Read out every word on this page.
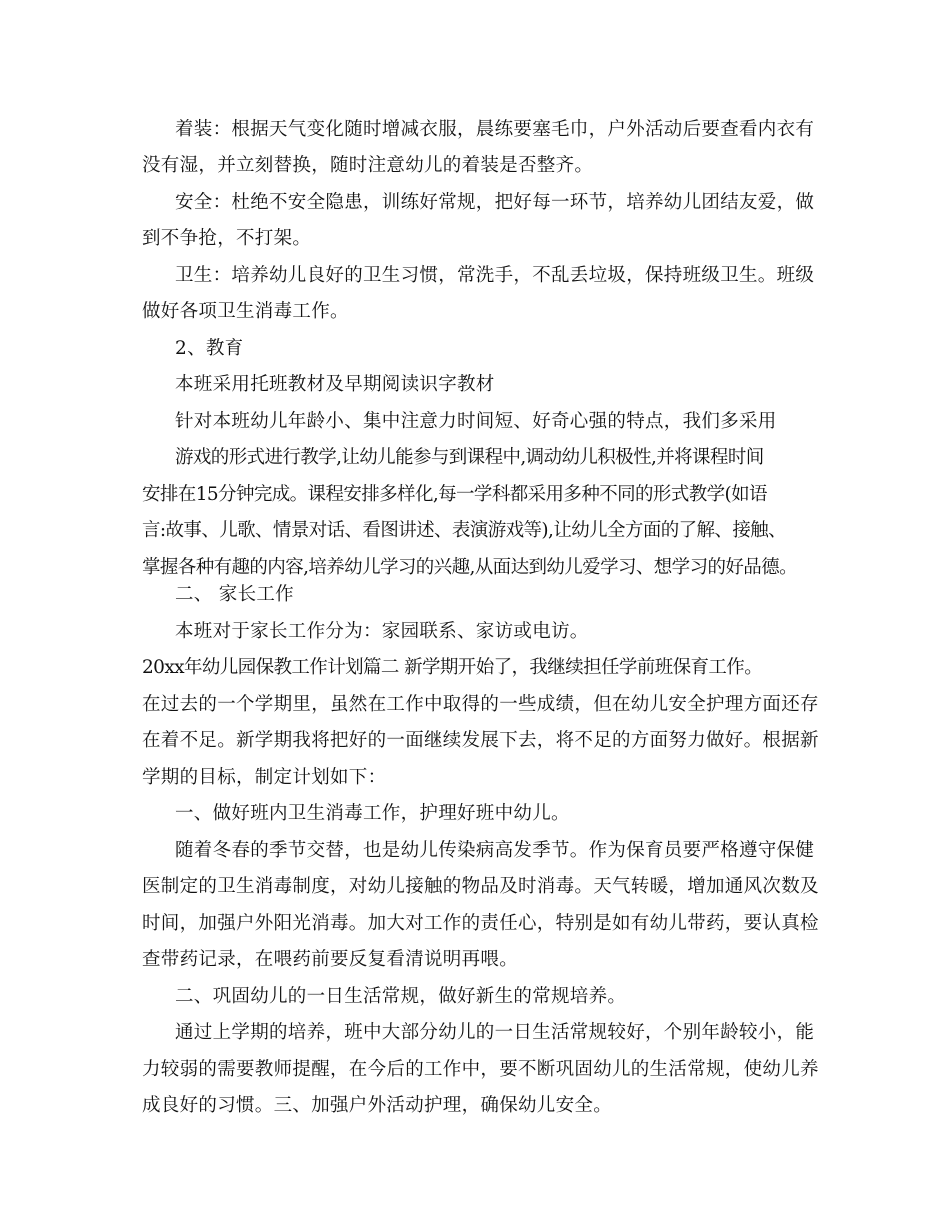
着装：根据天气变化随时增减衣服，晨练要塞毛巾，户外活动后要查看内衣有
没有湿，并立刻替换，随时注意幼儿的着装是否整齐。
安全：杜绝不安全隐患，训练好常规，把好每一环节，培养幼儿团结友爱，做
到不争抢，不打架。
卫生：培养幼儿良好的卫生习惯，常洗手，不乱丢垃圾，保持班级卫生。班级
做好各项卫生消毒工作。
2、教育
本班采用托班教材及早期阅读识字教材
针对本班幼儿年龄小、集中注意力时间短、好奇心强的特点，我们多采用
游戏的形式进行教学,让幼儿能参与到课程中,调动幼儿积极性,并将课程时间
安排在15分钟完成。课程安排多样化,每一学科都采用多种不同的形式教学(如语
言:故事、儿歌、情景对话、看图讲述、表演游戏等),让幼儿全方面的了解、接触、
掌握各种有趣的内容,培养幼儿学习的兴趣,从面达到幼儿爱学习、想学习的好品德。
二、 家长工作
本班对于家长工作分为：家园联系、家访或电访。
20xx年幼儿园保教工作计划篇二 新学期开始了，我继续担任学前班保育工作。
在过去的一个学期里，虽然在工作中取得的一些成绩，但在幼儿安全护理方面还存
在着不足。新学期我将把好的一面继续发展下去，将不足的方面努力做好。根据新
学期的目标，制定计划如下：
一、做好班内卫生消毒工作，护理好班中幼儿。
随着冬春的季节交替，也是幼儿传染病高发季节。作为保育员要严格遵守保健
医制定的卫生消毒制度，对幼儿接触的物品及时消毒。天气转暖，增加通风次数及
时间，加强户外阳光消毒。加大对工作的责任心，特别是如有幼儿带药，要认真检
查带药记录，在喂药前要反复看清说明再喂。
二、巩固幼儿的一日生活常规，做好新生的常规培养。
通过上学期的培养，班中大部分幼儿的一日生活常规较好，个别年龄较小，能
力较弱的需要教师提醒，在今后的工作中，要不断巩固幼儿的生活常规，使幼儿养
成良好的习惯。三、加强户外活动护理，确保幼儿安全。
